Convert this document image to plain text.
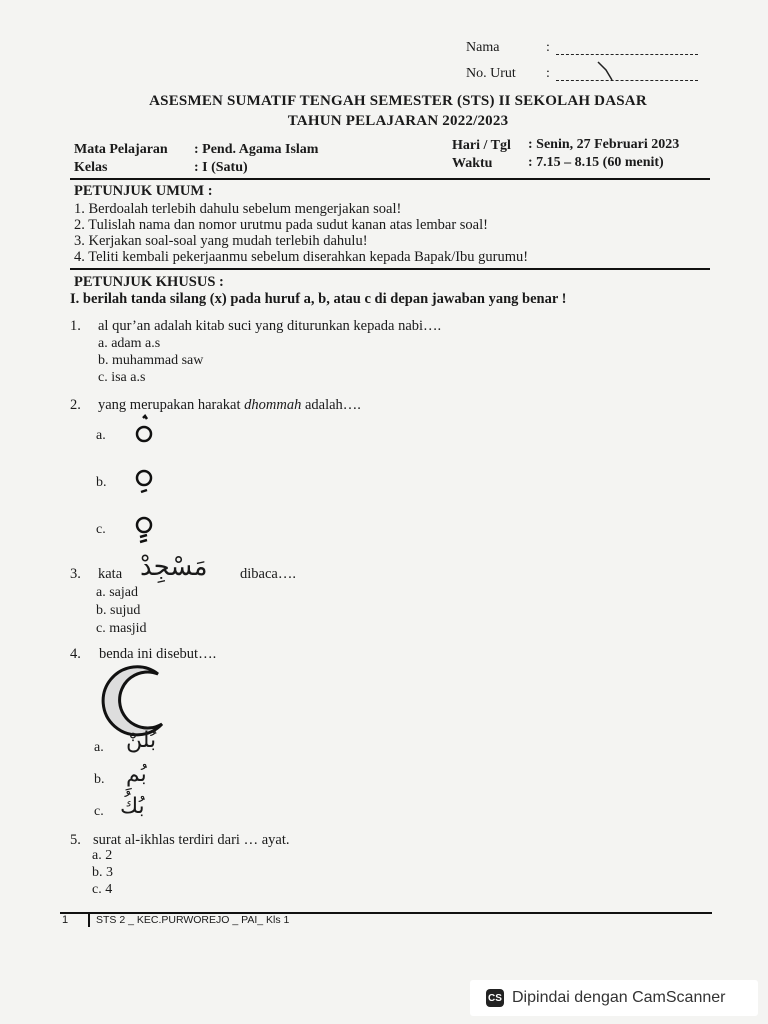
Nama	:
No. Urut :
ASESMEN SUMATIF TENGAH SEMESTER (STS) II SEKOLAH DASAR
TAHUN PELAJARAN 2022/2023
Mata Pelajaran : Pend. Agama Islam
Kelas	: I (Satu)
Hari / Tgl : Senin, 27 Februari 2023
Waktu	: 7.15 – 8.15 (60 menit)
PETUNJUK UMUM :
1. Berdoalah terlebih dahulu sebelum mengerjakan soal!
2. Tulislah nama dan nomor urutmu pada sudut kanan atas lembar soal!
3. Kerjakan soal-soal yang mudah terlebih dahulu!
4. Teliti kembali pekerjaanmu sebelum diserahkan kepada Bapak/Ibu gurumu!
PETUNJUK KHUSUS :
I. berilah tanda silang (x) pada huruf a, b, atau c di depan jawaban yang benar !
1. al qur’an adalah kitab suci yang diturunkan kepada nabi….
a. adam a.s
b. muhammad saw
c. isa a.s
2. yang merupakan harakat dhommah adalah….
a.
b.
c.
3. kata مَسْجِدْ dibaca….
a. sajad
b. sujud
c. masjid
4. benda ini disebut….
a. بُلَنْ
b. بُمِ
c. بُكُ
5. surat al-ikhlas terdiri dari … ayat.
a. 2
b. 3
c. 4
1	STS 2 _ KEC.PURWOREJO _ PAI_ Kls 1
CS Dipindai dengan CamScanner
